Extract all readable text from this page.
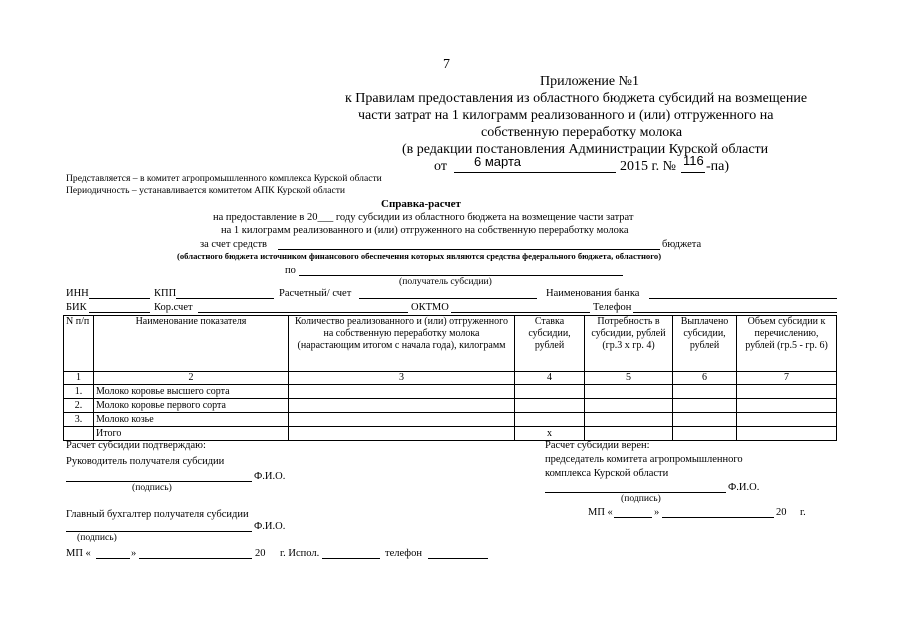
7
Приложение №1
к Правилам предоставления из областного бюджета субсидий на возмещение
части затрат на 1 килограмм реализованного и (или) отгруженного на
собственную переработку молока
(в редакции постановления Администрации Курской области
от 6 марта	2015 г. № 116 -па)
Представляется – в комитет агропромышленного комплекса Курской области
Периодичность – устанавливается комитетом АПК Курской области
Справка-расчет
на предоставление в 20___ году субсидии из областного бюджета на возмещение части затрат
на 1 килограмм реализованного и (или) отгруженного на собственную переработку молока
за счет средств	бюджета
(областного бюджета источником финансового обеспечения которых являются средства федерального бюджета, областного)
по
(получатель субсидии)
ИНН	КПП	Расчетный/ счет	Наименования банка
БИК	Кор.счет	ОКТМО	Телефон
N п/п	Наименование показателя	Количество реализованного и (или) отгруженного на собственную переработку молока (нарастающим итогом с начала года), килограмм	Ставка субсидии, рублей	Потребность в субсидии, рублей (гр.3 х гр. 4)	Выплачено субсидии, рублей	Объем субсидии к перечислению, рублей (гр.5 - гр. 6)
1	2	3	4	5	6	7
1.	Молоко коровье высшего сорта					
2.	Молоко коровье первого сорта					
3.	Молоко козье					
	Итого		х			
Расчет субсидии подтверждаю:
Руководитель получателя субсидии
Ф.И.О.
(подпись)
Главный бухгалтер получателя субсидии
Ф.И.О.
(подпись)
МП «	»	20 г. Испол.	телефон
Расчет субсидии верен:
председатель комитета агропромышленного
комплекса Курской области
Ф.И.О.
(подпись)
МП «	»	20 г.
